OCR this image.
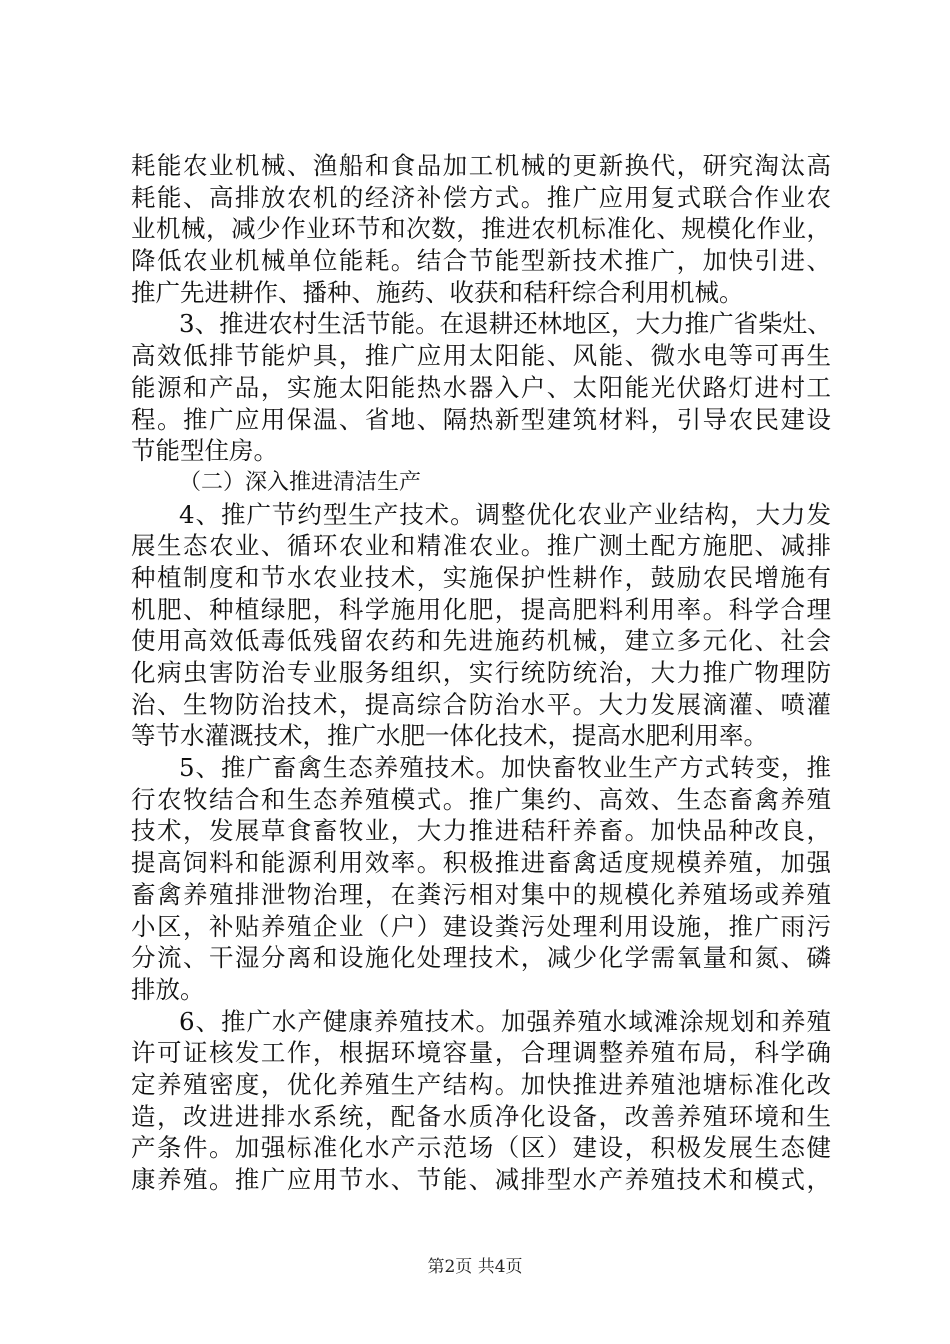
耗能农业机械、渔船和食品加工机械的更新换代，研究淘汰高
耗能、高排放农机的经济补偿方式。推广应用复式联合作业农
业机械，减少作业环节和次数，推进农机标准化、规模化作业，
降低农业机械单位能耗。结合节能型新技术推广，加快引进、
推广先进耕作、播种、施药、收获和秸秆综合利用机械。
3、推进农村生活节能。在退耕还林地区，大力推广省柴灶、
高效低排节能炉具，推广应用太阳能、风能、微水电等可再生
能源和产品，实施太阳能热水器入户、太阳能光伏路灯进村工
程。推广应用保温、省地、隔热新型建筑材料，引导农民建设
节能型住房。
（二）深入推进清洁生产
4、推广节约型生产技术。调整优化农业产业结构，大力发
展生态农业、循环农业和精准农业。推广测土配方施肥、减排
种植制度和节水农业技术，实施保护性耕作，鼓励农民增施有
机肥、种植绿肥，科学施用化肥，提高肥料利用率。科学合理
使用高效低毒低残留农药和先进施药机械，建立多元化、社会
化病虫害防治专业服务组织，实行统防统治，大力推广物理防
治、生物防治技术，提高综合防治水平。大力发展滴灌、喷灌
等节水灌溉技术，推广水肥一体化技术，提高水肥利用率。
5、推广畜禽生态养殖技术。加快畜牧业生产方式转变，推
行农牧结合和生态养殖模式。推广集约、高效、生态畜禽养殖
技术，发展草食畜牧业，大力推进秸秆养畜。加快品种改良，
提高饲料和能源利用效率。积极推进畜禽适度规模养殖，加强
畜禽养殖排泄物治理，在粪污相对集中的规模化养殖场或养殖
小区，补贴养殖企业（户）建设粪污处理利用设施，推广雨污
分流、干湿分离和设施化处理技术，减少化学需氧量和氮、磷
排放。
6、推广水产健康养殖技术。加强养殖水域滩涂规划和养殖
许可证核发工作，根据环境容量，合理调整养殖布局，科学确
定养殖密度，优化养殖生产结构。加快推进养殖池塘标准化改
造，改进进排水系统，配备水质净化设备，改善养殖环境和生
产条件。加强标准化水产示范场（区）建设，积极发展生态健
康养殖。推广应用节水、节能、减排型水产养殖技术和模式，
第2页 共4页
